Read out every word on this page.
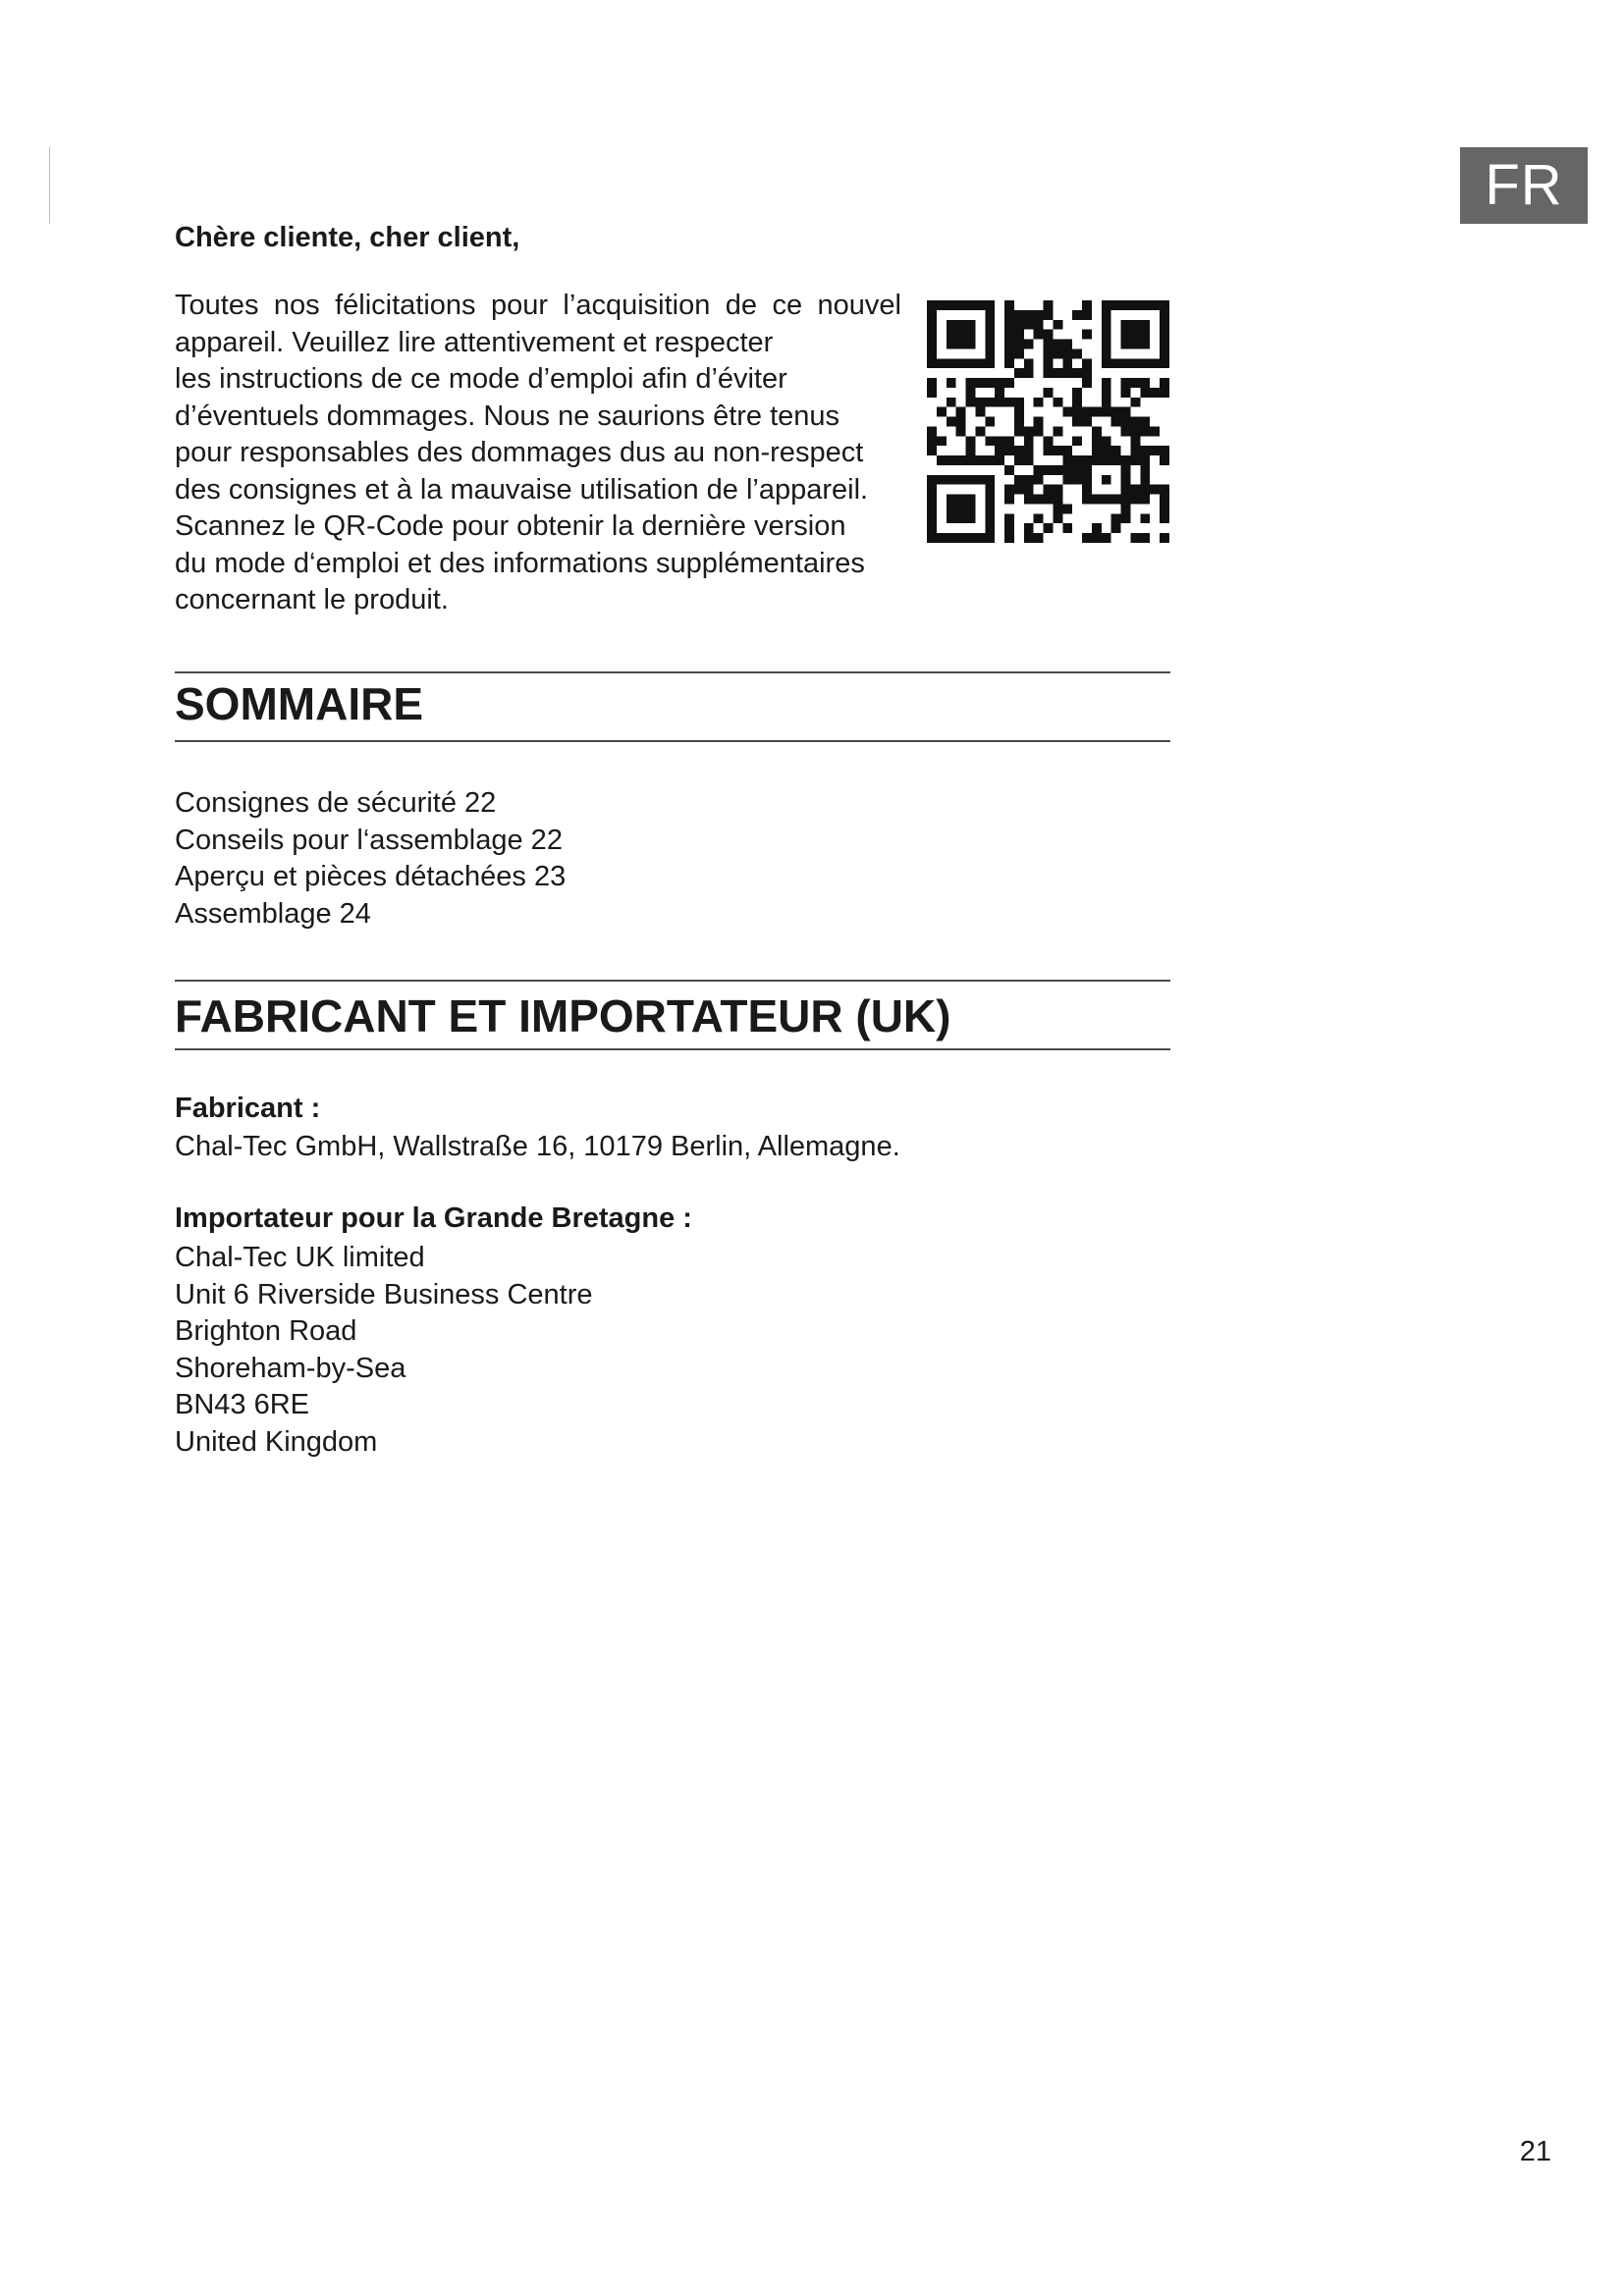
FR

Chère cliente, cher client,

Toutes nos félicitations pour l’acquisition de ce nouvel
appareil. Veuillez lire attentivement et respecter
les instructions de ce mode d’emploi afin d’éviter
d’éventuels dommages. Nous ne saurions être tenus
pour responsables des dommages dus au non-respect
des consignes et à la mauvaise utilisation de l’appareil.
Scannez le QR-Code pour obtenir la dernière version
du mode d‘emploi et des informations supplémentaires
concernant le produit.

SOMMAIRE
Consignes de sécurité 22
Conseils pour l‘assemblage 22
Aperçu et pièces détachées 23
Assemblage 24
FABRICANT ET IMPORTATEUR (UK)

Fabricant :

Chal-Tec GmbH, Wallstraße 16, 10179 Berlin, Allemagne.

Importateur pour la Grande Bretagne :

Chal-Tec UK limited
Unit 6 Riverside Business Centre
Brighton Road
Shoreham-by-Sea
BN43 6RE
United Kingdom

21
